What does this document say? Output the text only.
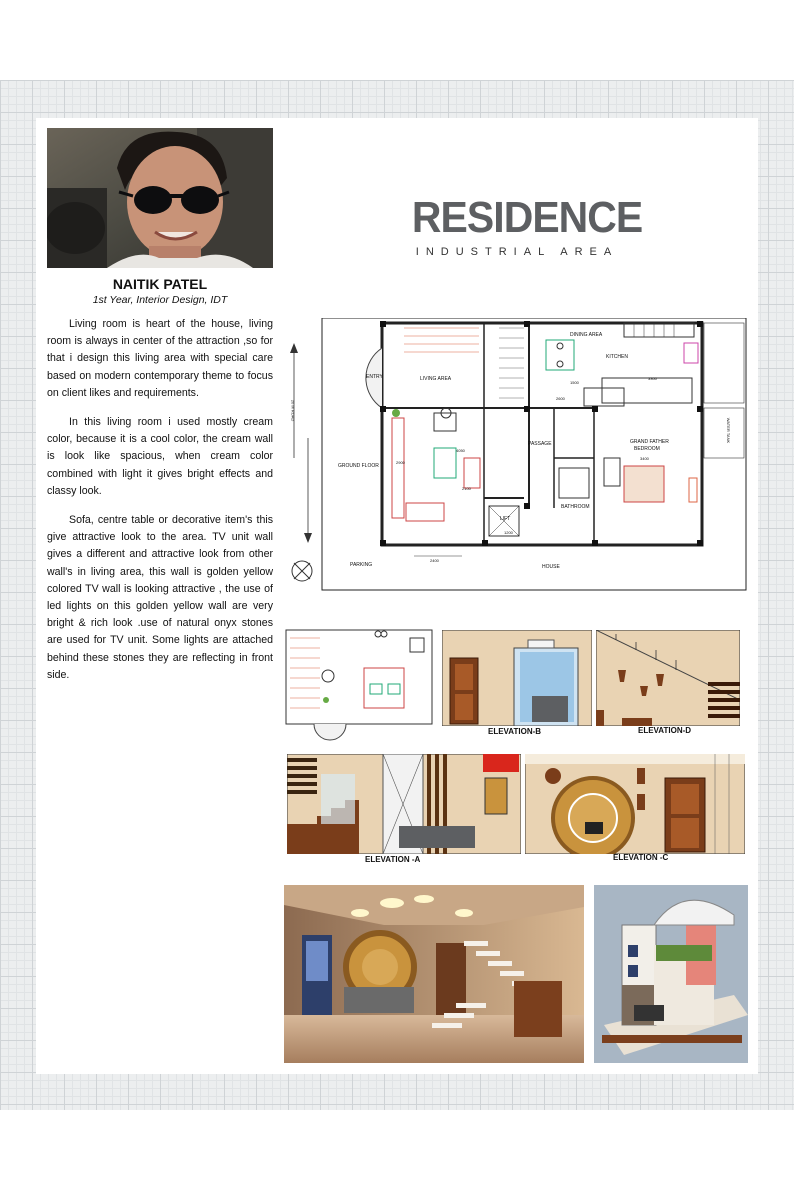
NAITIK PATEL
1st Year, Interior Design, IDT

Living room is heart of the house, living room is always in center of the attraction ,so for that i design this living area with special care based on modern contemporary theme to focus on client likes and requirements.

In this living room i used mostly cream color, because it is a cool color, the cream wall is look like spacious, when cream color combined with light it gives bright effects and classy look.

Sofa, centre table or decorative item's this give attractive look to the area. TV unit wall gives a different and attractive look from other wall's in living area, this wall is golden yellow colored TV wall is looking attractive , the use of led lights on this golden yellow wall are very bright & rich look .use of natural onyx stones are used for TV unit. Some lights are attached behind these stones they are reflecting in front side.

RESIDENCE
INDUSTRIAL AREA
ENTRY	LIVING AREA
GROUND FLOOR
DINING AREA
KITCHEN
PASSAGE	GRAND FATHER
BEDROOM
LIFT
BATHROOM
PARKING	HOUSE
20 M ROAD
WATER TANK
2400
3300
2600
4050
1200
3400
2900
2100
1500
ELEVATION-B	ELEVATION-D
ELEVATION -A	ELEVATION -C
